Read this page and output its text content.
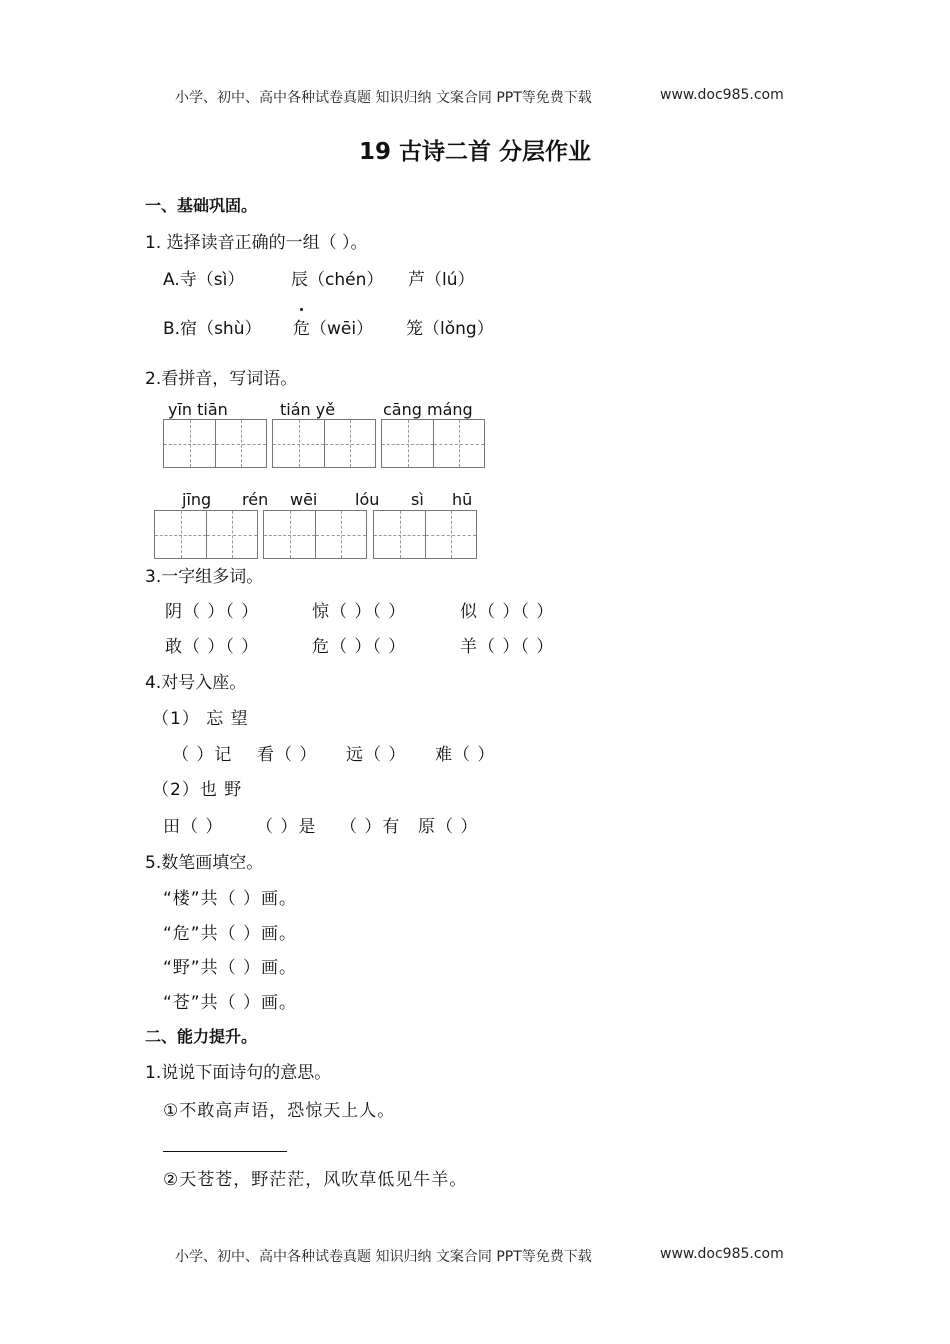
小学、初中、高中各种试卷真题 知识归纳 文案合同 PPT等免费下载	www.doc985.com
19 古诗二首 分层作业
一、基础巩固。
1. 选择读音正确的一组（ ）。
A.寺（sì）	辰（chén） 芦（lú）
B.宿（shù） 危（wēi） 笼（lǒng）
2.看拼音，写词语。
yīn tiān	tián yě	cāng máng
jīng rén wēi lóu sì hū
3.一字组多词。
阴（ ）（ ）	惊（ ）（ ）	似（ ）（ ）
敢（ ）（ ）	危（ ）（ ）	羊（ ）（ ）
4.对号入座。
（1） 忘 望
（ ）记 看（ ） 远（ ） 难（ ）
（2）也 野
田（ ） （ ）是 （ ）有 原（ ）
5.数笔画填空。
“楼”共（ ）画。
“危”共（ ）画。
“野”共（ ）画。
“苍”共（ ）画。
二、能力提升。
1.说说下面诗句的意思。
①不敢高声语，恐惊天上人。
②天苍苍，野茫茫，风吹草低见牛羊。
小学、初中、高中各种试卷真题 知识归纳 文案合同 PPT等免费下载	www.doc985.com
